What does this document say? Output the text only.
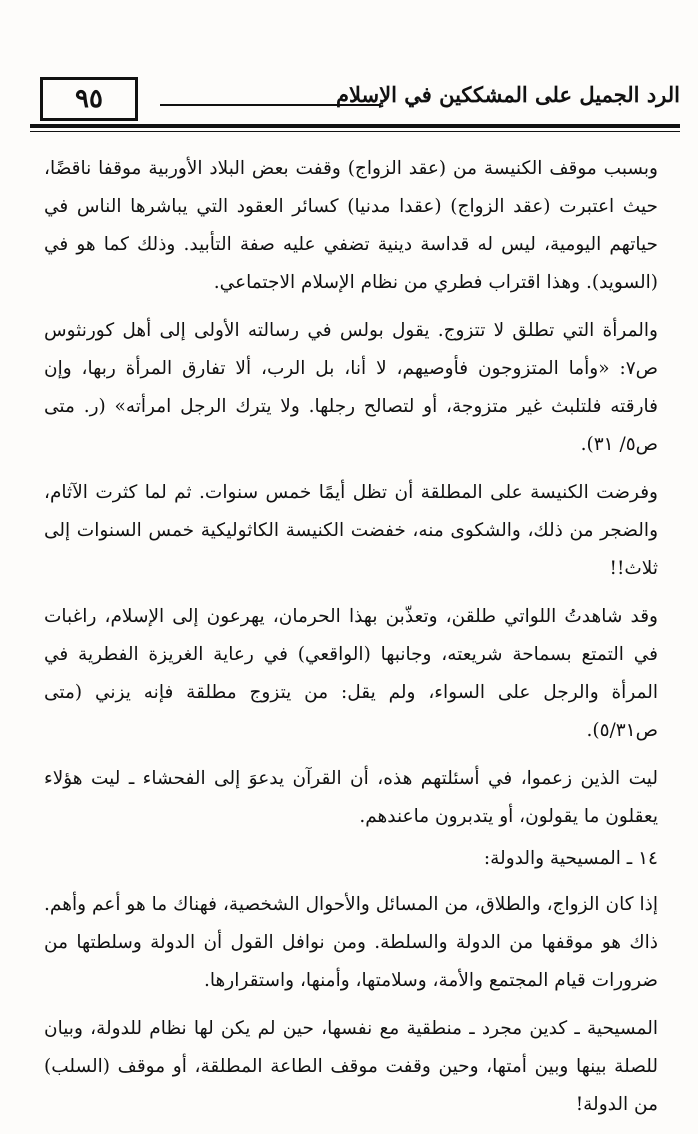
٩٥	الرد الجميل على المشككين في الإسلام

وبسبب موقف الكنيسة من (عقد الزواج) وقفت بعض البلاد الأوربية موقفا ناقضًا، حيث اعتبرت (عقد الزواج) (عقدا مدنيا) كسائر العقود التي يباشرها الناس في حياتهم اليومية، ليس له قداسة دينية تضفي عليه صفة التأبيد. وذلك كما هو في (السويد). وهذا اقتراب فطري من نظام الإسلام الاجتماعي.

والمرأة التي تطلق لا تتزوج. يقول بولس في رسالته الأولى إلى أهل كورنثوس ص٧: «وأما المتزوجون فأوصيهم، لا أنا، بل الرب، ألا تفارق المرأة ربها، وإن فارقته فلتلبث غير متزوجة، أو لتصالح رجلها. ولا يترك الرجل امرأته» (ر. متى ص٥/ ٣١).

وفرضت الكنيسة على المطلقة أن تظل أيمًا خمس سنوات. ثم لما كثرت الآثام، والضجر من ذلك، والشكوى منه، خفضت الكنيسة الكاثوليكية خمس السنوات إلى ثلاث!!

وقد شاهدتُ اللواتي طلقن، وتعذّبن بهذا الحرمان، يهرعون إلى الإسلام، راغبات في التمتع بسماحة شريعته، وجانبها (الواقعي) في رعاية الغريزة الفطرية في المرأة والرجل على السواء، ولم يقل: من يتزوج مطلقة فإنه يزني (متى ص٥/٣١).

ليت الذين زعموا، في أسئلتهم هذه، أن القرآن يدعوَ إلى الفحشاء ـ ليت هؤلاء يعقلون ما يقولون، أو يتدبرون ماعندهم.

١٤ ـ المسيحية والدولة:

إذا كان الزواج، والطلاق، من المسائل والأحوال الشخصية، فهناك ما هو أعم وأهم. ذاك هو موقفها من الدولة والسلطة. ومن نوافل القول أن الدولة وسلطتها من ضرورات قيام المجتمع والأمة، وسلامتها، وأمنها، واستقرارها.

المسيحية ـ كدين مجرد ـ منطقية مع نفسها، حين لم يكن لها نظام للدولة، وبيان للصلة بينها وبين أمتها، وحين وقفت موقف الطاعة المطلقة، أو موقف (السلب) من الدولة!
